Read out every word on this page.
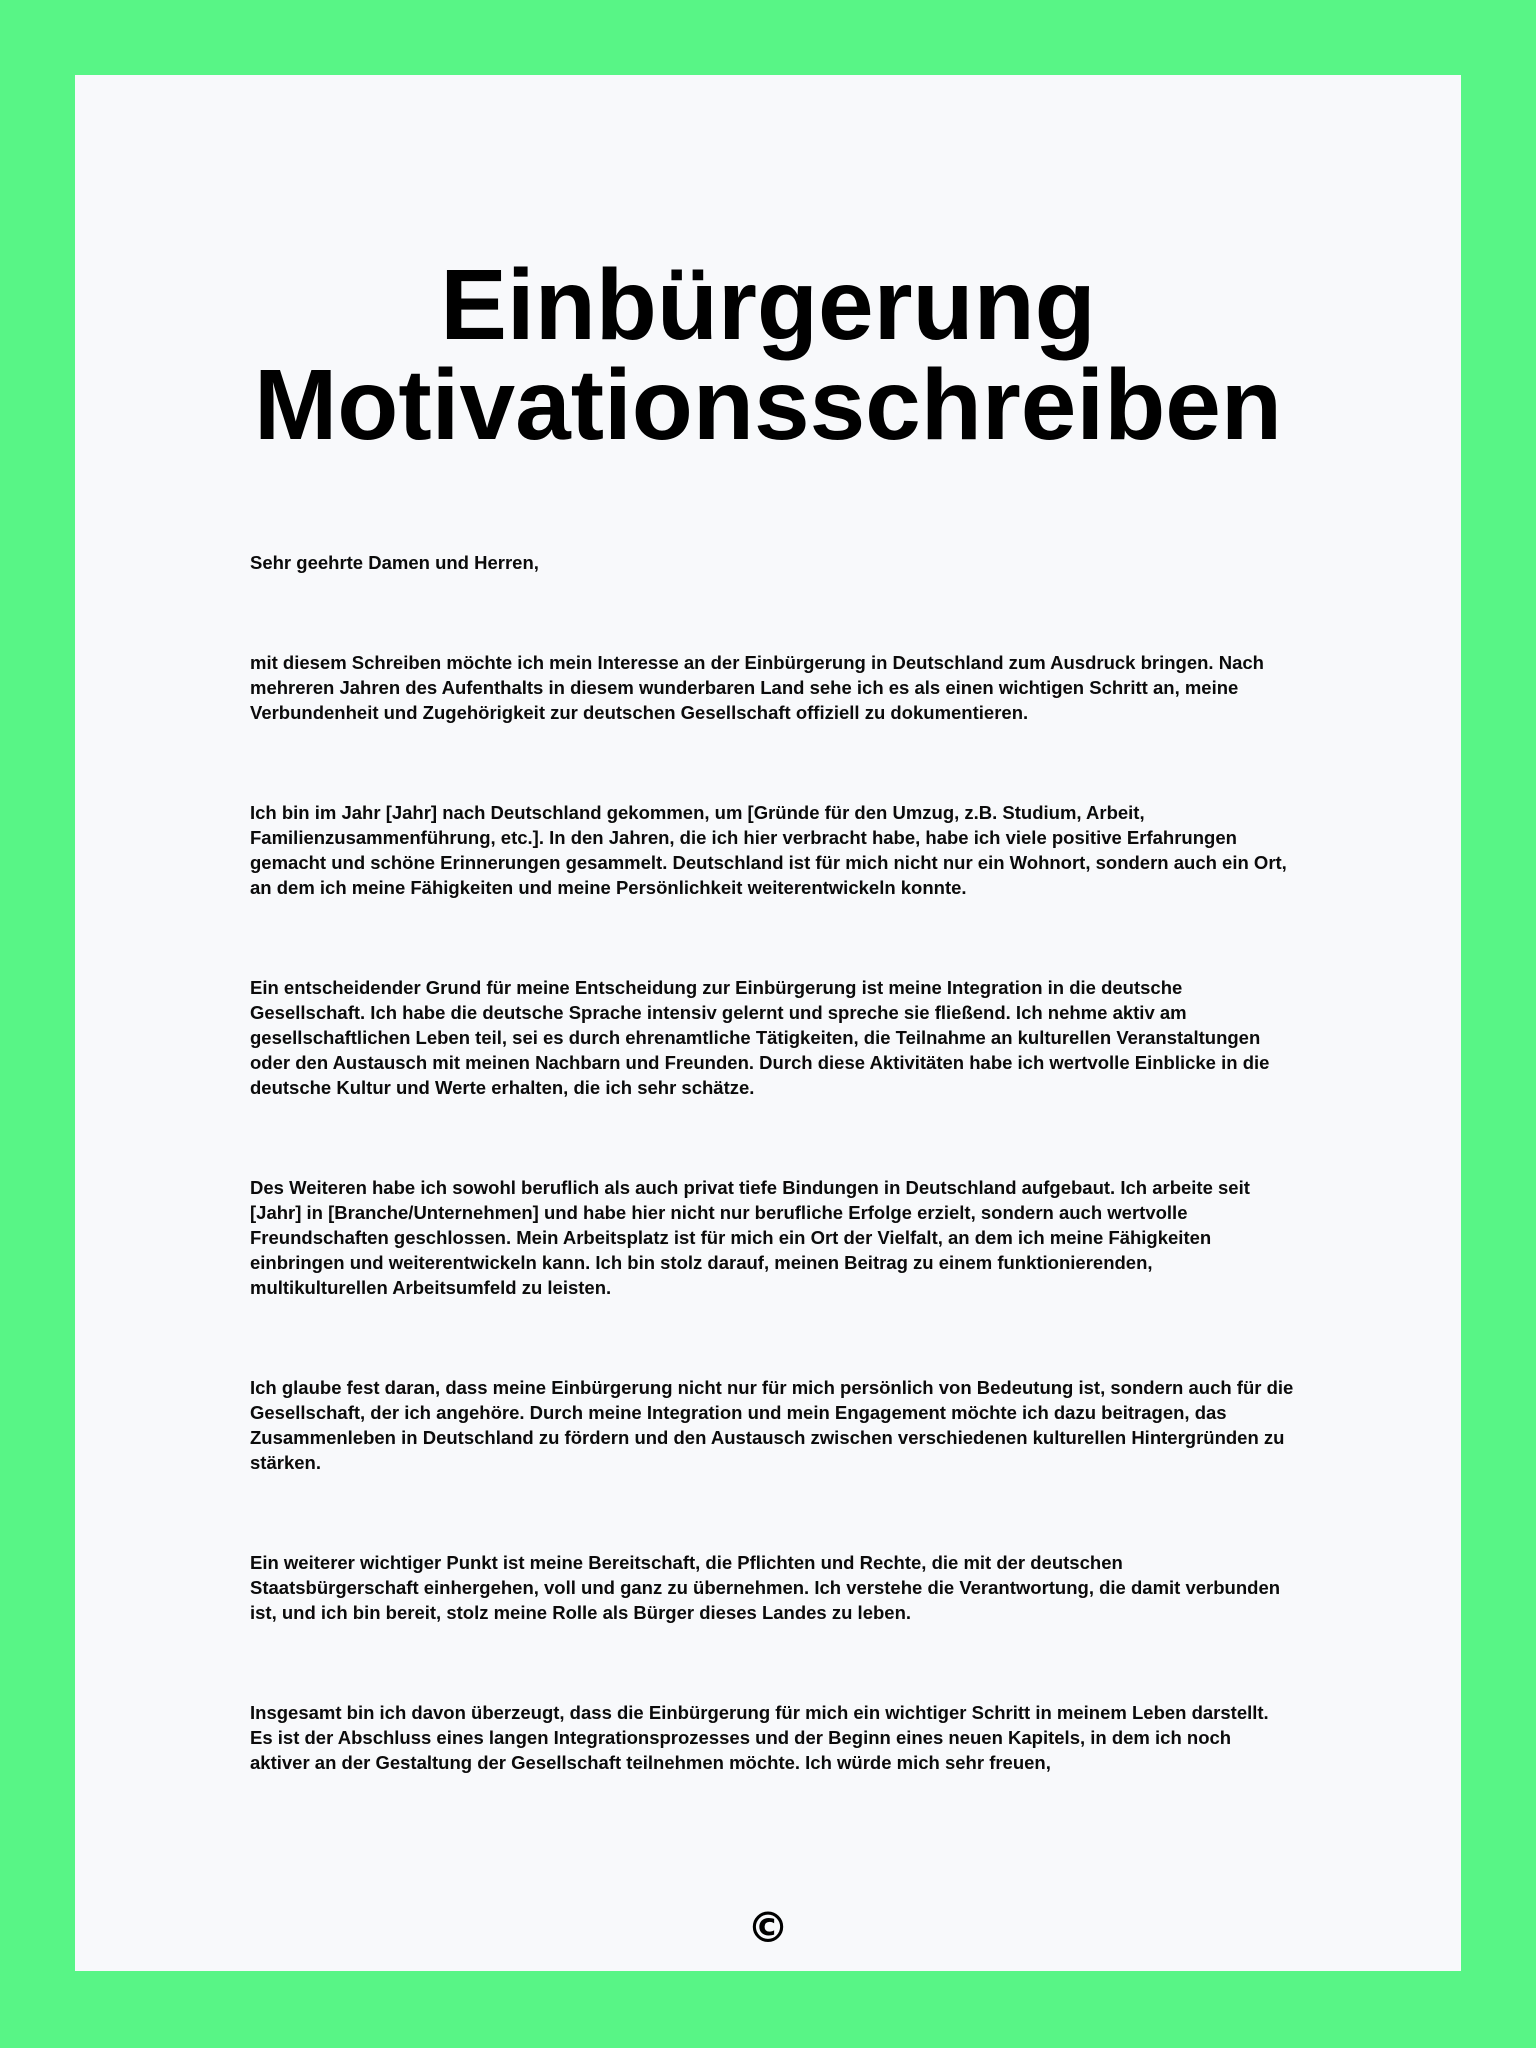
Einbürgerung
Motivationsschreiben

Sehr geehrte Damen und Herren,

mit diesem Schreiben möchte ich mein Interesse an der Einbürgerung in Deutschland zum Ausdruck bringen. Nach mehreren Jahren des Aufenthalts in diesem wunderbaren Land sehe ich es als einen wichtigen Schritt an, meine Verbundenheit und Zugehörigkeit zur deutschen Gesellschaft offiziell zu dokumentieren.

Ich bin im Jahr [Jahr] nach Deutschland gekommen, um [Gründe für den Umzug, z.B. Studium, Arbeit, Familienzusammenführung, etc.]. In den Jahren, die ich hier verbracht habe, habe ich viele positive Erfahrungen gemacht und schöne Erinnerungen gesammelt. Deutschland ist für mich nicht nur ein Wohnort, sondern auch ein Ort, an dem ich meine Fähigkeiten und meine Persönlichkeit weiterentwickeln konnte.

Ein entscheidender Grund für meine Entscheidung zur Einbürgerung ist meine Integration in die deutsche Gesellschaft. Ich habe die deutsche Sprache intensiv gelernt und spreche sie fließend. Ich nehme aktiv am gesellschaftlichen Leben teil, sei es durch ehrenamtliche Tätigkeiten, die Teilnahme an kulturellen Veranstaltungen oder den Austausch mit meinen Nachbarn und Freunden. Durch diese Aktivitäten habe ich wertvolle Einblicke in die deutsche Kultur und Werte erhalten, die ich sehr schätze.

Des Weiteren habe ich sowohl beruflich als auch privat tiefe Bindungen in Deutschland aufgebaut. Ich arbeite seit [Jahr] in [Branche/Unternehmen] und habe hier nicht nur berufliche Erfolge erzielt, sondern auch wertvolle Freundschaften geschlossen. Mein Arbeitsplatz ist für mich ein Ort der Vielfalt, an dem ich meine Fähigkeiten einbringen und weiterentwickeln kann. Ich bin stolz darauf, meinen Beitrag zu einem funktionierenden, multikulturellen Arbeitsumfeld zu leisten.

Ich glaube fest daran, dass meine Einbürgerung nicht nur für mich persönlich von Bedeutung ist, sondern auch für die Gesellschaft, der ich angehöre. Durch meine Integration und mein Engagement möchte ich dazu beitragen, das Zusammenleben in Deutschland zu fördern und den Austausch zwischen verschiedenen kulturellen Hintergründen zu stärken.

Ein weiterer wichtiger Punkt ist meine Bereitschaft, die Pflichten und Rechte, die mit der deutschen Staatsbürgerschaft einhergehen, voll und ganz zu übernehmen. Ich verstehe die Verantwortung, die damit verbunden ist, und ich bin bereit, stolz meine Rolle als Bürger dieses Landes zu leben.

Insgesamt bin ich davon überzeugt, dass die Einbürgerung für mich ein wichtiger Schritt in meinem Leben darstellt. Es ist der Abschluss eines langen Integrationsprozesses und der Beginn eines neuen Kapitels, in dem ich noch aktiver an der Gestaltung der Gesellschaft teilnehmen möchte. Ich würde mich sehr freuen,

©
